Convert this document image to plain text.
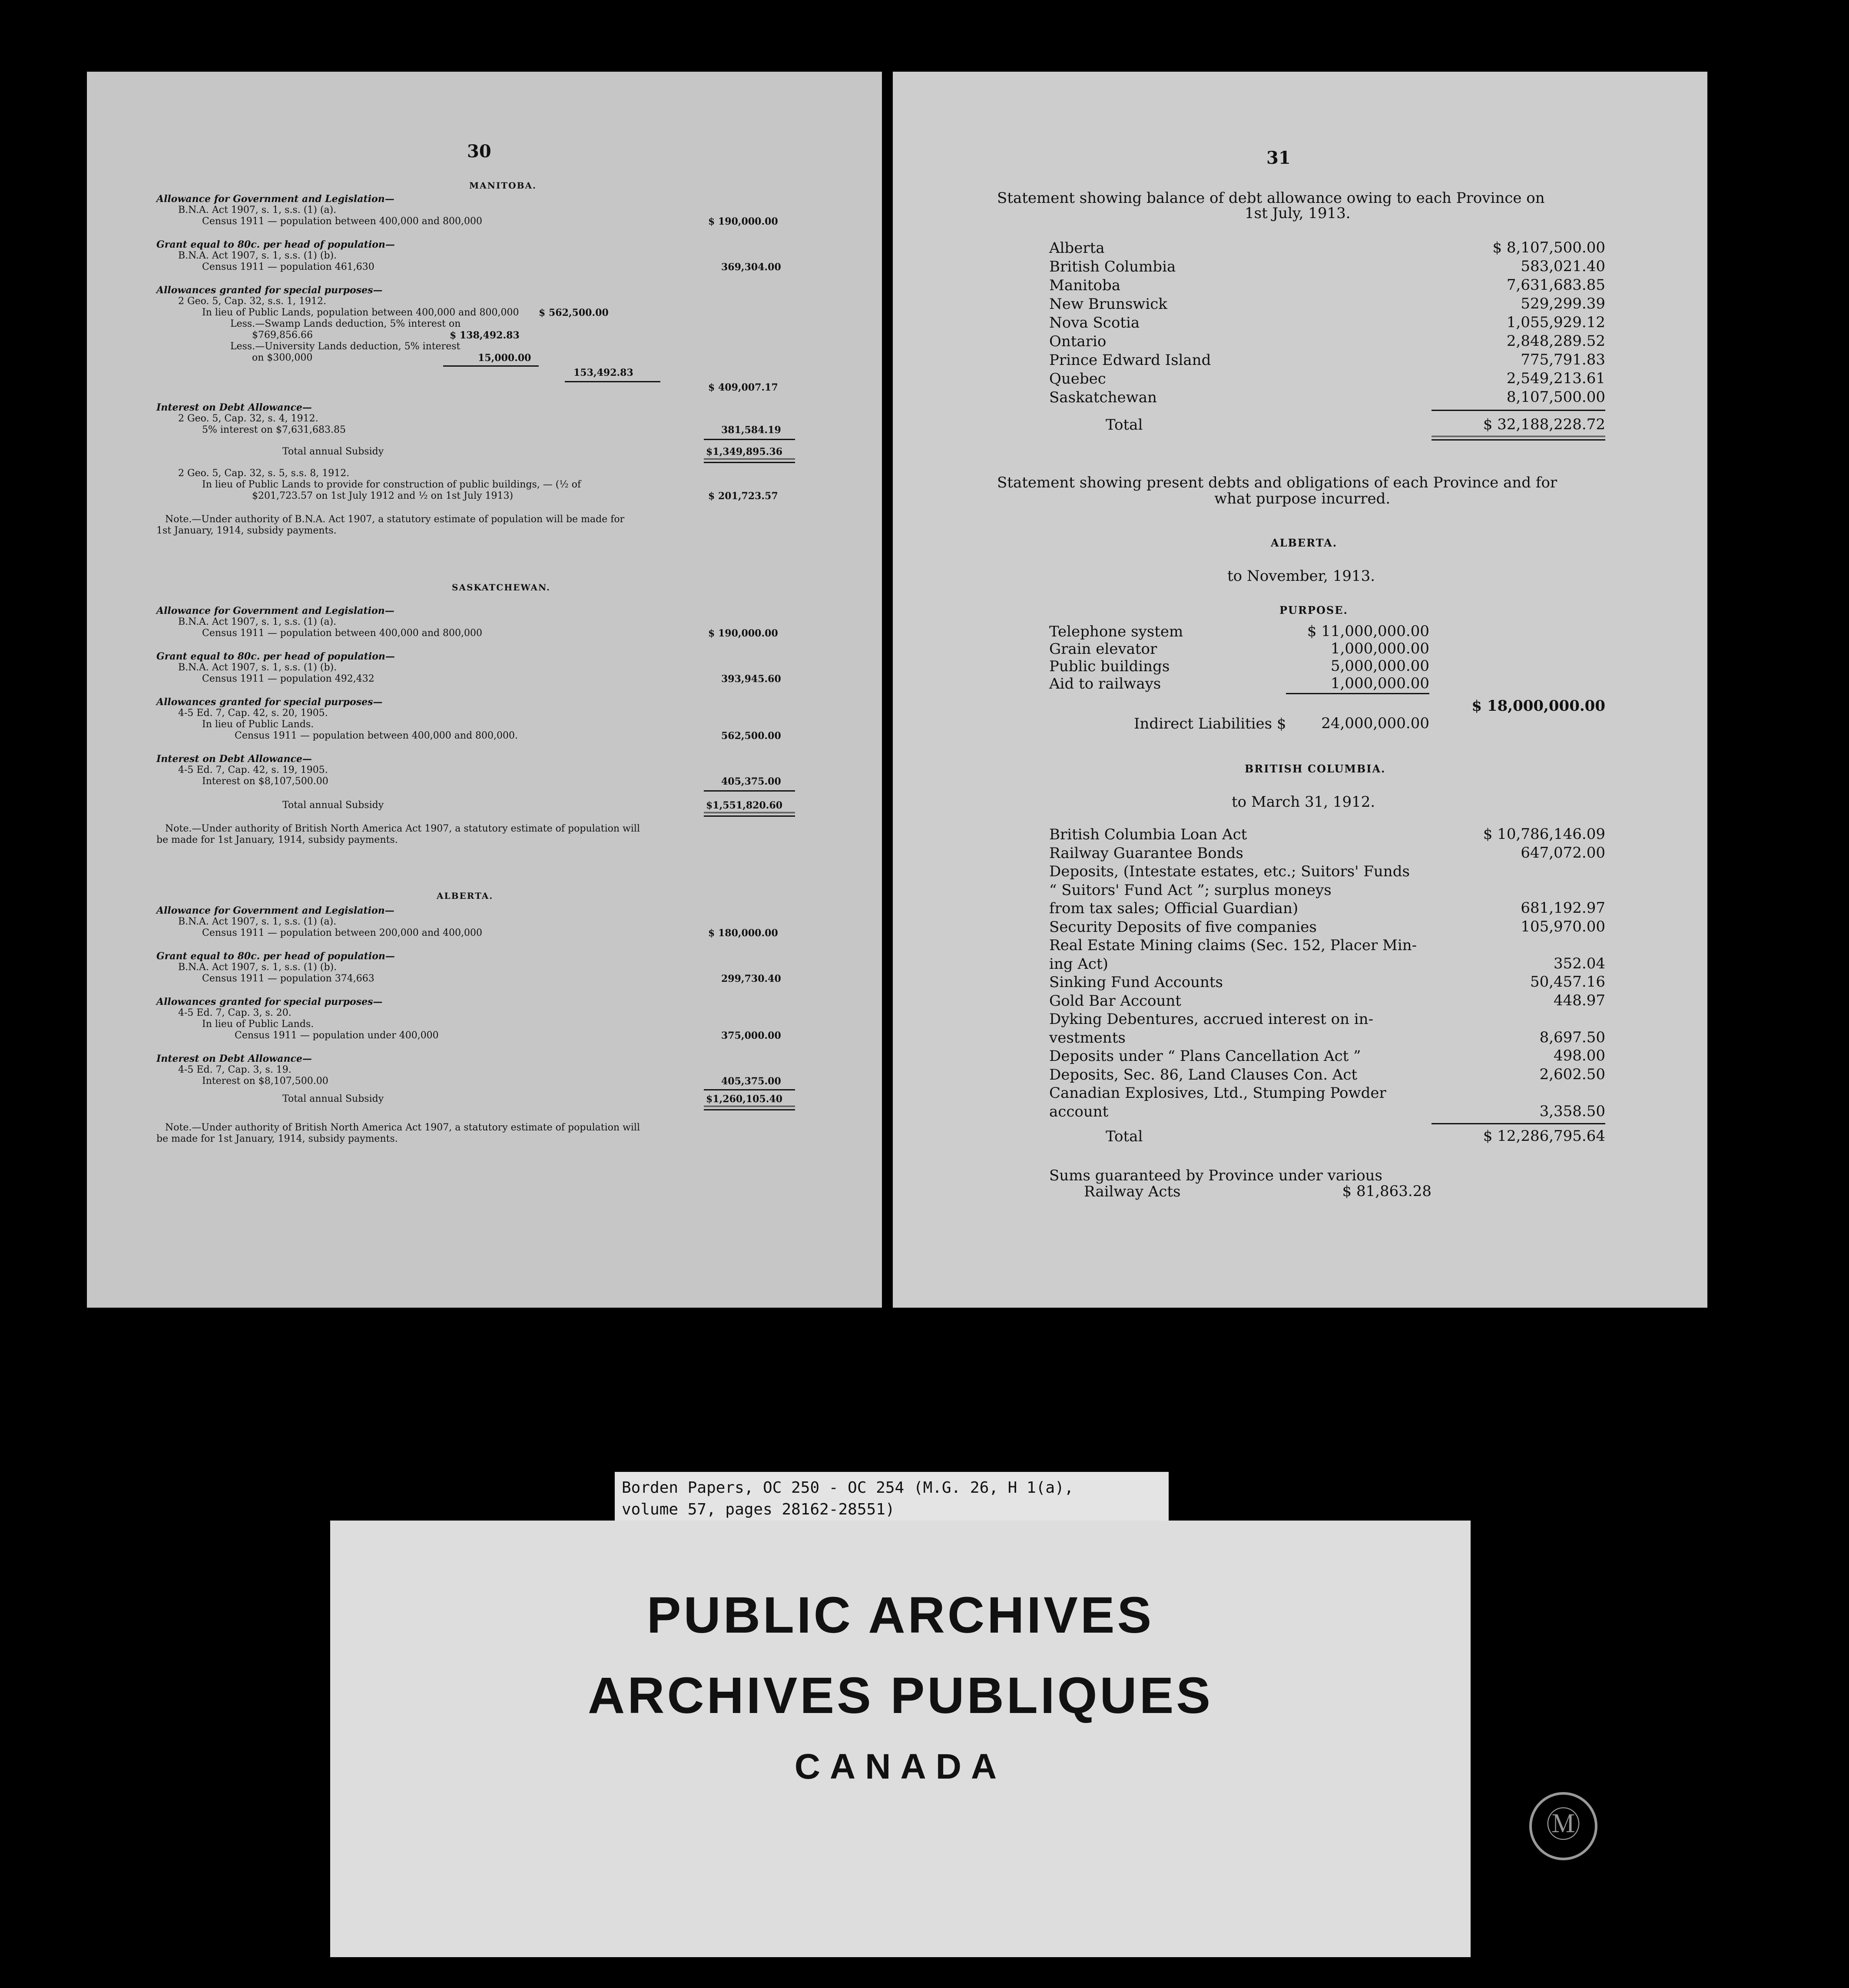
30
MANITOBA.
Allowance for Government and Legislation—
B.N.A. Act 1907, s. 1, s.s. (1) (a).
Census 1911 — population between 400,000 and 800,000	$ 190,000.00
Grant equal to 80c. per head of population—
B.N.A. Act 1907, s. 1, s.s. (1) (b).
Census 1911 — population 461,630	369,304.00
Allowances granted for special purposes—
2 Geo. 5, Cap. 32, s.s. 1, 1912.
In lieu of Public Lands, population between 400,000 and 800,000 $ 562,500.00
Less.—Swamp Lands deduction, 5% interest on
$769,856.66	$ 138,492.83
Less.—University Lands deduction, 5% interest
on $300,000	15,000.00
153,492.83
$ 409,007.17
Interest on Debt Allowance—
2 Geo. 5, Cap. 32, s. 4, 1912.
5% interest on $7,631,683.85	381,584.19
Total annual Subsidy	$1,349,895.36
2 Geo. 5, Cap. 32, s. 5, s.s. 8, 1912.
In lieu of Public Lands to provide for construction of public buildings, — (½ of
$201,723.57 on 1st July 1912 and ½ on 1st July 1913)	$ 201,723.57
Note.—Under authority of B.N.A. Act 1907, a statutory estimate of population will be made for
1st January, 1914, subsidy payments.
SASKATCHEWAN.
Allowance for Government and Legislation—
B.N.A. Act 1907, s. 1, s.s. (1) (a).
Census 1911 — population between 400,000 and 800,000	$ 190,000.00
Grant equal to 80c. per head of population—
B.N.A. Act 1907, s. 1, s.s. (1) (b).
Census 1911 — population 492,432	393,945.60
Allowances granted for special purposes—
4-5 Ed. 7, Cap. 42, s. 20, 1905.
In lieu of Public Lands.
Census 1911 — population between 400,000 and 800,000.	562,500.00
Interest on Debt Allowance—
4-5 Ed. 7, Cap. 42, s. 19, 1905.
Interest on $8,107,500.00	405,375.00
Total annual Subsidy	$1,551,820.60
Note.—Under authority of British North America Act 1907, a statutory estimate of population will
be made for 1st January, 1914, subsidy payments.
ALBERTA.
Allowance for Government and Legislation—
B.N.A. Act 1907, s. 1, s.s. (1) (a).
Census 1911 — population between 200,000 and 400,000	$ 180,000.00
Grant equal to 80c. per head of population—
B.N.A. Act 1907, s. 1, s.s. (1) (b).
Census 1911 — population 374,663	299,730.40
Allowances granted for special purposes—
4-5 Ed. 7, Cap. 3, s. 20.
In lieu of Public Lands.
Census 1911 — population under 400,000	375,000.00
Interest on Debt Allowance—
4-5 Ed. 7, Cap. 3, s. 19.
Interest on $8,107,500.00	405,375.00
Total annual Subsidy	$1,260,105.40
Note.—Under authority of British North America Act 1907, a statutory estimate of population will
be made for 1st January, 1914, subsidy payments.
31
Statement showing balance of debt allowance owing to each Province on
1st July, 1913.
Alberta	$ 8,107,500.00
British Columbia	583,021.40
Manitoba	7,631,683.85
New Brunswick	529,299.39
Nova Scotia	1,055,929.12
Ontario	2,848,289.52
Prince Edward Island	775,791.83
Quebec	2,549,213.61
Saskatchewan	8,107,500.00
Total	$ 32,188,228.72
Statement showing present debts and obligations of each Province and for
what purpose incurred.
ALBERTA.
to November, 1913.
PURPOSE.
Telephone system	$ 11,000,000.00
Grain elevator	1,000,000.00
Public buildings	5,000,000.00
Aid to railways	1,000,000.00
$ 18,000,000.00
Indirect Liabilities $	24,000,000.00
BRITISH COLUMBIA.
to March 31, 1912.
British Columbia Loan Act	$ 10,786,146.09
Railway Guarantee Bonds	647,072.00
Deposits, (Intestate estates, etc.; Suitors' Funds
“ Suitors' Fund Act ”; surplus moneys
from tax sales; Official Guardian)	681,192.97
Security Deposits of five companies	105,970.00
Real Estate Mining claims (Sec. 152, Placer Min-
ing Act)	352.04
Sinking Fund Accounts	50,457.16
Gold Bar Account	448.97
Dyking Debentures, accrued interest on in-
vestments	8,697.50
Deposits under “ Plans Cancellation Act ”	498.00
Deposits, Sec. 86, Land Clauses Con. Act	2,602.50
Canadian Explosives, Ltd., Stumping Powder
account	3,358.50
Total	$ 12,286,795.64
Sums guaranteed by Province under various
Railway Acts	$ 81,863.28
Borden Papers, OC 250 - OC 254 (M.G. 26, H 1(a),
volume 57, pages 28162-28551)
PUBLIC ARCHIVES
ARCHIVES PUBLIQUES
CANADA
Ⓜ
